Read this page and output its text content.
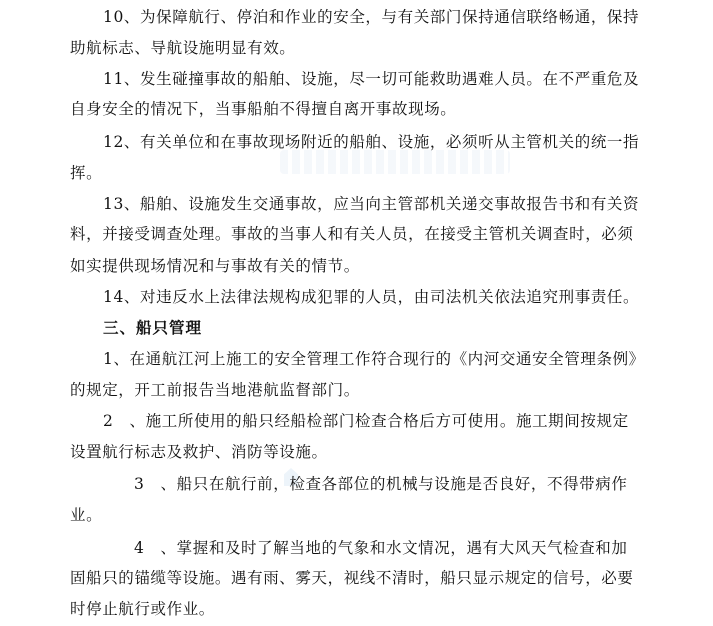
10、为保障航行、停泊和作业的安全，与有关部门保持通信联络畅通，保持
助航标志、导航设施明显有效。
11、发生碰撞事故的船舶、设施，尽一切可能救助遇难人员。在不严重危及
自身安全的情况下，当事船舶不得擅自离开事故现场。
12、有关单位和在事故现场附近的船舶、设施，必须听从主管机关的统一指
挥。
13、船舶、设施发生交通事故，应当向主管部机关递交事故报告书和有关资
料，并接受调查处理。事故的当事人和有关人员，在接受主管机关调查时，必须
如实提供现场情况和与事故有关的情节。
14、对违反水上法律法规构成犯罪的人员，由司法机关依法追究刑事责任。
三、船只管理
1、在通航江河上施工的安全管理工作符合现行的《内河交通安全管理条例》
的规定，开工前报告当地港航监督部门。
2　、施工所使用的船只经船检部门检查合格后方可使用。施工期间按规定
设置航行标志及救护、消防等设施。
3　、船只在航行前，检查各部位的机械与设施是否良好，不得带病作
业。
4　、掌握和及时了解当地的气象和水文情况，遇有大风天气检查和加
固船只的锚缆等设施。遇有雨、雾天，视线不清时，船只显示规定的信号，必要
时停止航行或作业。
